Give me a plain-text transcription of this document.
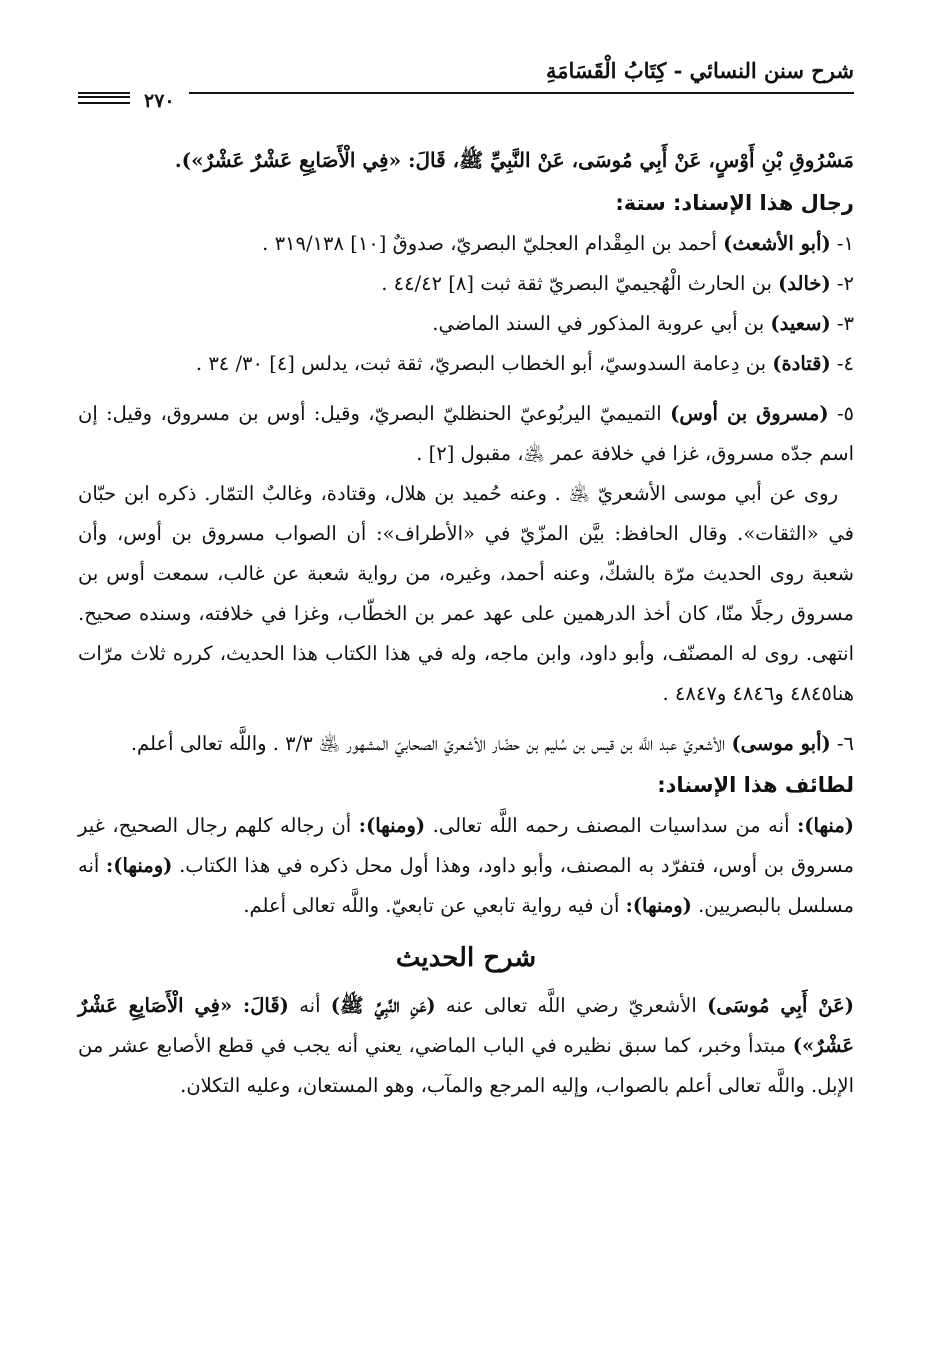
شرح سنن النسائي - كِتَابُ الْقَسَامَةِ
٢٧٠

مَسْرُوقِ بْنِ أَوْسٍ، عَنْ أَبِي مُوسَى، عَنْ النَّبِيِّ ﷺ، قَالَ: «فِي الْأَصَابِعِ عَشْرٌ عَشْرٌ»).

رجال هذا الإسناد: ستة:

١- (أبو الأشعث) أحمد بن المِقْدام العجليّ البصريّ، صدوقٌ [١٠] ٣١٩/١٣٨ .

٢- (خالد) بن الحارث الْهُجيميّ البصريّ ثقة ثبت [٨] ٤٤/٤٢ .

٣- (سعيد) بن أبي عروبة المذكور في السند الماضي.

٤- (قتادة) بن دِعامة السدوسيّ، أبو الخطاب البصريّ، ثقة ثبت، يدلس [٤] ٣٠/ ٣٤ .

٥- (مسروق بن أوس) التميميّ اليربُوعيّ الحنظليّ البصريّ، وقيل: أوس بن مسروق، وقيل: إن اسم جدّه مسروق، غزا في خلافة عمر ﵁، مقبول [٢] .

روى عن أبي موسى الأشعريّ ﵁ . وعنه حُميد بن هلال، وقتادة، وغالبٌ التمّار. ذكره ابن حبّان في «الثقات». وقال الحافظ: بيَّن المزّيّ في «الأطراف»: أن الصواب مسروق بن أوس، وأن شعبة روى الحديث مرّة بالشكّ، وعنه أحمد، وغيره، من رواية شعبة عن غالب، سمعت أوس بن مسروق رجلًا منّا، كان أخذ الدرهمين على عهد عمر بن الخطّاب، وغزا في خلافته، وسنده صحيح. انتهى. روى له المصنّف، وأبو داود، وابن ماجه، وله في هذا الكتاب هذا الحديث، كرره ثلاث مرّات هنا٤٨٤٥ و٤٨٤٦ و٤٨٤٧ .

٦- (أبو موسى) الأشعريّ عبد اللَّه بن قيس بن سُليم بن حضّار الأشعريّ الصحابيّ المشهور ﵁ ٣/٣ . واللَّه تعالى أعلم.

لطائف هذا الإسناد:

(منها): أنه من سداسيات المصنف رحمه اللَّه تعالى. (ومنها): أن رجاله كلهم رجال الصحيح، غير مسروق بن أوس، فتفرّد به المصنف، وأبو داود، وهذا أول محل ذكره في هذا الكتاب. (ومنها): أنه مسلسل بالبصريين. (ومنها): أن فيه رواية تابعي عن تابعيّ. واللَّه تعالى أعلم.

شرح الحديث

(عَنْ أَبِي مُوسَى) الأشعريّ رضي اللَّه تعالى عنه (عَنِ النَّبِيِّ ﷺ) أنه (قَالَ: «فِي الْأَصَابِعِ عَشْرٌ عَشْرٌ») مبتدأ وخبر، كما سبق نظيره في الباب الماضي، يعني أنه يجب في قطع الأصابع عشر من الإبل. واللَّه تعالى أعلم بالصواب، وإليه المرجع والمآب، وهو المستعان، وعليه التكلان.
